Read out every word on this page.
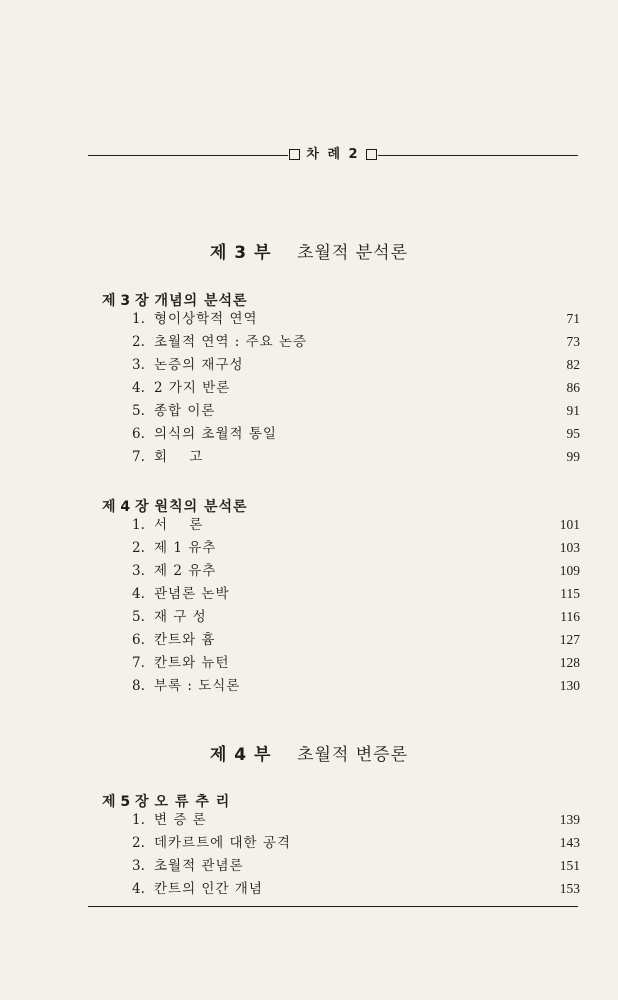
차 례 2
제 3 부 초월적 분석론
제 3 장 개념의 분석론
1. 형이상학적 연역	71
2. 초월적 연역 : 주요 논증	73
3. 논증의 재구성	82
4. 2 가지 반론	86
5. 종합 이론	91
6. 의식의 초월적 통일	95
7. 회    고	99
제 4 장 원칙의 분석론
1. 서    론	101
2. 제 1 유추	103
3. 제 2 유추	109
4. 관념론 논박	115
5. 재 구 성	116
6. 칸트와 흄	127
7. 칸트와 뉴턴	128
8. 부록 : 도식론	130
제 4 부 초월적 변증론
제 5 장 오 류 추 리
1. 변 증 론	139
2. 데카르트에 대한 공격	143
3. 초월적 관념론	151
4. 칸트의 인간 개념	153
